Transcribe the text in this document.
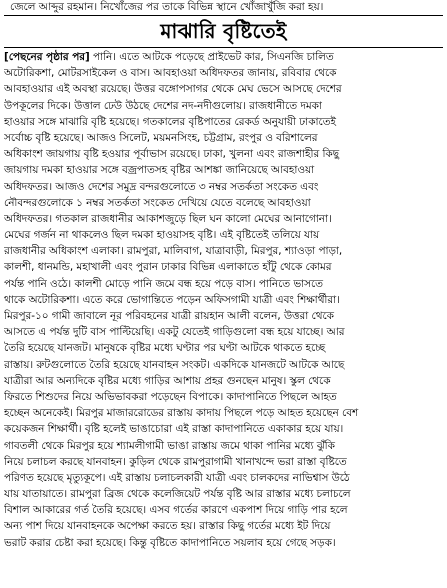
জেলে আব্দুর রহমান। নিখোঁজের পর তাকে বিভিন্ন স্থানে খোঁজাখুঁজি করা হয়।
মাঝারি বৃষ্টিতেই
[পেছনের পৃষ্ঠার পর] পানি। এতে আটকে পড়েছে প্রাইভেট কার, সিএনজি চালিত
অটোরিকশা, মোটরসাইকেল ও বাস। আবহাওয়া অধিদফতর জানায়, রবিবার থেকে
আবহাওয়ার এই অবস্থা রয়েছে। উত্তর বঙ্গোপসাগর থেকে মেঘ ভেসে আসছে দেশের
উপকূলের দিকে। উত্তাল ঢেউ উঠছে দেশের নদ-নদীগুলোয়। রাজধানীতে দমকা
হাওয়ার সঙ্গে মাঝারি বৃষ্টি হয়েছে। গতকালের বৃষ্টিপাতের রেকর্ড অনুযায়ী ঢাকাতেই
সর্বোচ্চ বৃষ্টি হয়েছে। আজও সিলেট, ময়মনসিংহ, চট্টগ্রাম, রংপুর ও বরিশালের
অধিকাংশ জায়গায় বৃষ্টি হওয়ার পূর্বাভাস রয়েছে। ঢাকা, খুলনা এবং রাজশাহীর কিছু
জায়গায় দমকা হাওয়ার সঙ্গে বজ্রপাতসহ বৃষ্টির আশঙ্কা জানিয়েছে আবহাওয়া
অধিদফতর। আজও দেশের সমুদ্র বন্দরগুলোতে ৩ নম্বর সতর্কতা সংকেত এবং
নৌবন্দরগুলোকে ১ নম্বর সতর্কতা সংকেত দেখিয়ে যেতে বলেছে আবহাওয়া
অধিদফতর। গতকাল রাজধানীর আকাশজুড়ে ছিল ঘন কালো মেঘের আনাগোনা।
মেঘের গর্জন না থাকলেও ছিল দমকা হাওয়াসহ বৃষ্টি। এই বৃষ্টিতেই তলিয়ে যায়
রাজধানীর অধিকাংশ এলাকা। রামপুরা, মালিবাগ, যাত্রাবাড়ী, মিরপুর, শ্যাওড়া পাড়া,
কালশী, ধানমন্ডি, মহাখালী এবং পুরান ঢাকার বিভিন্ন এলাকাতে হাঁটু থেকে কোমর
পর্যন্ত পানি ওঠে। কালশী মোড়ে পানি জমে বন্ধ হয়ে পড়ে বাস। পানিতে ভাসতে
থাকে অটোরিকশা। এতে করে ভোগান্তিতে পড়েন অফিসগামী যাত্রী এবং শিক্ষার্থীরা।
মিরপুর-১০ গামী জাবালে নূর পরিবহনের যাত্রী রায়হান আলী বলেন, উত্তরা থেকে
আসতে এ পর্যন্ত দুটি বাস পাল্টিয়েছি। একটু যেতেই গাড়িগুলো বন্ধ হয়ে যাচ্ছে। আর
তৈরি হয়েছে যানজট। মানুষকে বৃষ্টির মধ্যে ঘণ্টার পর ঘণ্টা আটকে থাকতে হচ্ছে
রাস্তায়। রুটগুলোতে তৈরি হয়েছে যানবাহন সংকট। একদিকে যানজটে আটকে আছে
যাত্রীরা আর অন্যদিকে বৃষ্টির মধ্যে গাড়ির আশায় প্রহর গুনছেন মানুষ। স্কুল থেকে
ফিরতে শিশুদের নিয়ে অভিভাবকরা পড়েছেন বিপাকে। কাদাপানিতে পিছলে আহত
হচ্ছেন অনেকেই। মিরপুর মাজাররোডের রাস্তায় কাদায় পিছলে পড়ে আহত হয়েছেন বেশ
কয়েকজন শিক্ষার্থী। বৃষ্টি হলেই ভাঙাচোরা এই রাস্তা কাদাপানিতে একাকার হয়ে যায়।
গাবতলী থেকে মিরপুর হয়ে শ্যামলীগামী ভাঙা রাস্তায় জমে থাকা পানির মধ্যে ঝুঁকি
নিয়ে চলাচল করছে যানবাহন। কুড়িল থেকে রামপুরাগামী খানাখন্দে ভরা রাস্তা বৃষ্টিতে
পরিণত হয়েছে মৃত্যুকূপে। এই রাস্তায় চলাচলকারী যাত্রী এবং চালকদের নাভিশ্বাস উঠে
যায় যাতায়াতে। রামপুরা ব্রিজ থেকে কলেজিয়েট পর্যন্ত বৃষ্টি আর রাস্তার মধ্যে চলাচলে
বিশাল আকারের গর্ত তৈরি হয়েছে। এসব গর্তের কারণে একপাশ দিয়ে গাড়ি পার হলে
অন্য পাশ দিয়ে যানবাহনকে অপেক্ষা করতে হয়। রাস্তার কিছু গর্তের মধ্যে ইট দিয়ে
ভরাট করার চেষ্টা করা হয়েছে। কিন্তু বৃষ্টিতে কাদাপানিতে সয়লাব হয়ে গেছে সড়ক।
